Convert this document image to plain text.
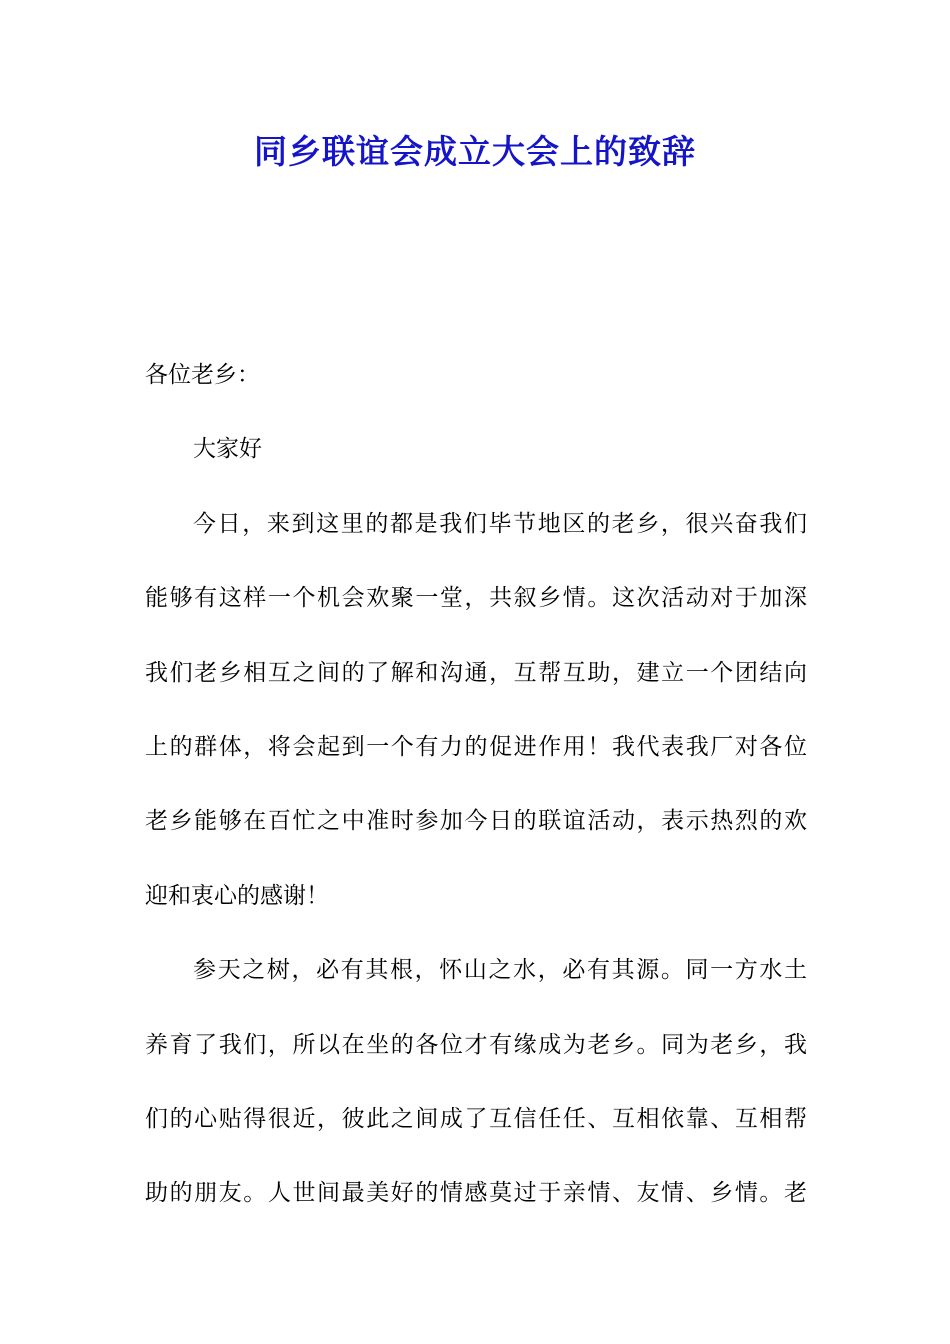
同乡联谊会成立大会上的致辞
各位老乡：
大家好
今日，来到这里的都是我们毕节地区的老乡，很兴奋我们
能够有这样一个机会欢聚一堂，共叙乡情。这次活动对于加深
我们老乡相互之间的了解和沟通，互帮互助，建立一个团结向
上的群体，将会起到一个有力的促进作用！我代表我厂对各位
老乡能够在百忙之中准时参加今日的联谊活动，表示热烈的欢
迎和衷心的感谢！
参天之树，必有其根，怀山之水，必有其源。同一方水土
养育了我们，所以在坐的各位才有缘成为老乡。同为老乡，我
们的心贴得很近，彼此之间成了互信任任、互相依靠、互相帮
助的朋友。人世间最美好的情感莫过于亲情、友情、乡情。老
